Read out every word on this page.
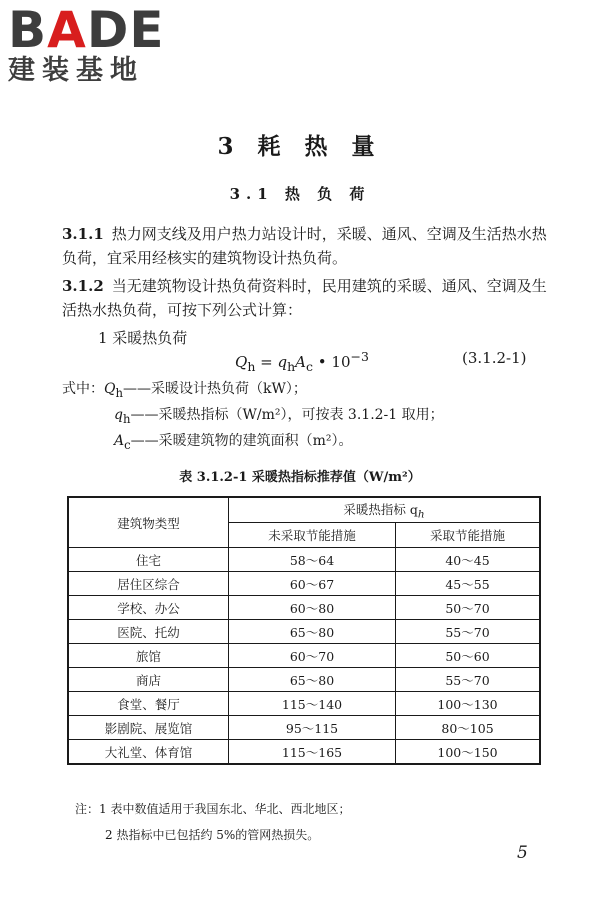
BADE
建装基地
3 耗 热 量
3.1 热 负 荷
3.1.1 热力网支线及用户热力站设计时，采暖、通风、空调及生活热水热负荷，宜采用经核实的建筑物设计热负荷。
3.1.2 当无建筑物设计热负荷资料时，民用建筑的采暖、通风、空调及生活热水热负荷，可按下列公式计算：
1 采暖热负荷
$Q_h = q_hA_c$ • $10^{-3}$	(3.1.2-1)
式中：$Q_h——$采暖设计热负荷（kW）；
$q_h——$采暖热指标（W/m²），可按表 3.1.2-1 取用；
$A_c——$采暖建筑物的建筑面积（m²）。
表 3.1.2-1 采暖热指标推荐值（W/m²）
建筑物类型	采暖热指标 $q_h$
	未采取节能措施	采取节能措施
住宅	58～64	40～45
居住区综合	60～67	45～55
学校、办公	60～80	50～70
医院、托幼	65～80	55～70
旅馆	60～70	50～60
商店	65～80	55～70
食堂、餐厅	115～140	100～130
影剧院、展览馆	95～115	80～105
大礼堂、体育馆	115～165	100～150
注：1 表中数值适用于我国东北、华北、西北地区；
2 热指标中已包括约 5%的管网热损失。
5
